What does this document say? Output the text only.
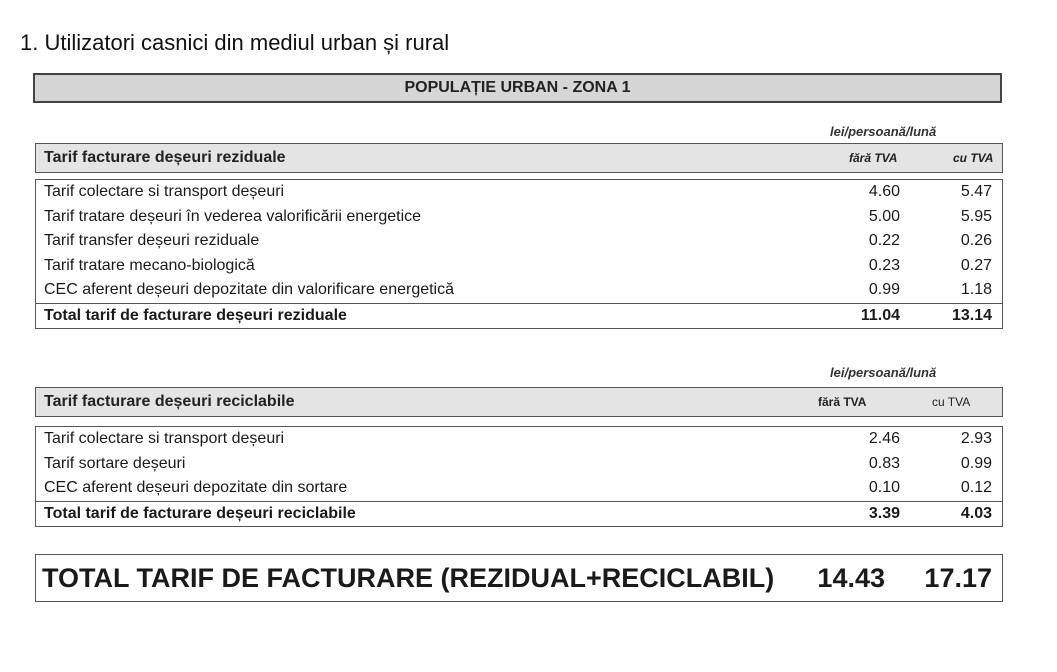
1. Utilizatori casnici din mediul urban și rural
POPULAȚIE URBAN - ZONA 1
lei/persoană/lună
Tarif facturare deșeuri reziduale	fără TVA	cu TVA
Tarif colectare si transport deșeuri	4.60	5.47
Tarif tratare deșeuri în vederea valorificării energetice	5.00	5.95
Tarif transfer deșeuri reziduale	0.22	0.26
Tarif tratare mecano-biologică	0.23	0.27
CEC aferent deșeuri depozitate din valorificare energetică	0.99	1.18
Total tarif de facturare deșeuri reziduale	11.04	13.14
lei/persoană/lună
Tarif facturare deșeuri reciclabile	fără TVA	cu TVA
Tarif colectare si transport deșeuri	2.46	2.93
Tarif sortare deșeuri	0.83	0.99
CEC aferent deșeuri depozitate din sortare	0.10	0.12
Total tarif de facturare deșeuri reciclabile	3.39	4.03
TOTAL TARIF DE FACTURARE (REZIDUAL+RECICLABIL) 14.43 17.17
